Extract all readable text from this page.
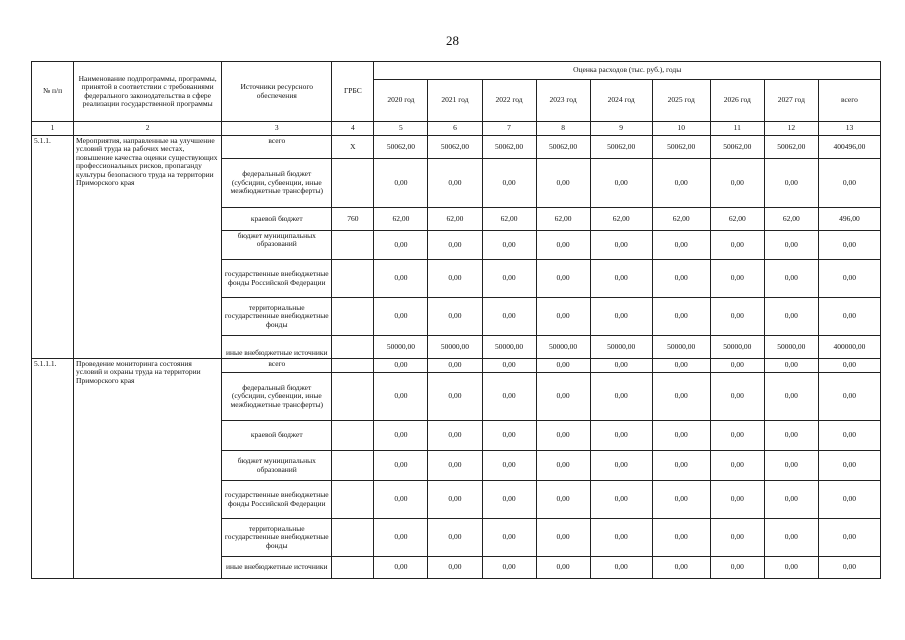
28
№ п/п	Наименование подпрограммы, программы, принятой в соответствии с требованиями федерального законодательства в сфере реализации государственной программы	Источники ресурсного обеспечения	ГРБС	Оценка расходов (тыс. руб.), годы								
				2020 год	2021 год	2022 год	2023 год	2024 год	2025 год	2026 год	2027 год	всего
1	2	3	4	5	6	7	8	9	10	11	12	13
5.1.1.	Мероприятия, направленные на улучшение условий труда на рабочих местах, повышение качества оценки существующих профессиональных рисков, пропаганду культуры безопасного труда на территории Приморского края	всего	X	50062,00	50062,00	50062,00	50062,00	50062,00	50062,00	50062,00	50062,00	400496,00
		федеральный бюджет (субсидии, субвенции, иные межбюджетные трансферты)		0,00	0,00	0,00	0,00	0,00	0,00	0,00	0,00	0,00
		краевой бюджет	760	62,00	62,00	62,00	62,00	62,00	62,00	62,00	62,00	496,00
		бюджет муниципальных образований		0,00	0,00	0,00	0,00	0,00	0,00	0,00	0,00	0,00
		государственные внебюджетные фонды Российской Федерации		0,00	0,00	0,00	0,00	0,00	0,00	0,00	0,00	0,00
		территориальные государственные внебюджетные фонды		0,00	0,00	0,00	0,00	0,00	0,00	0,00	0,00	0,00
		иные внебюджетные источники		50000,00	50000,00	50000,00	50000,00	50000,00	50000,00	50000,00	50000,00	400000,00
5.1.1.1.	Проведение мониторинга состояния условий и охраны труда на территории Приморского края	всего		0,00	0,00	0,00	0,00	0,00	0,00	0,00	0,00	0,00
		федеральный бюджет (субсидии, субвенции, иные межбюджетные трансферты)		0,00	0,00	0,00	0,00	0,00	0,00	0,00	0,00	0,00
		краевой бюджет		0,00	0,00	0,00	0,00	0,00	0,00	0,00	0,00	0,00
		бюджет муниципальных образований		0,00	0,00	0,00	0,00	0,00	0,00	0,00	0,00	0,00
		государственные внебюджетные фонды Российской Федерации		0,00	0,00	0,00	0,00	0,00	0,00	0,00	0,00	0,00
		территориальные государственные внебюджетные фонды		0,00	0,00	0,00	0,00	0,00	0,00	0,00	0,00	0,00
		иные внебюджетные источники		0,00	0,00	0,00	0,00	0,00	0,00	0,00	0,00	0,00
